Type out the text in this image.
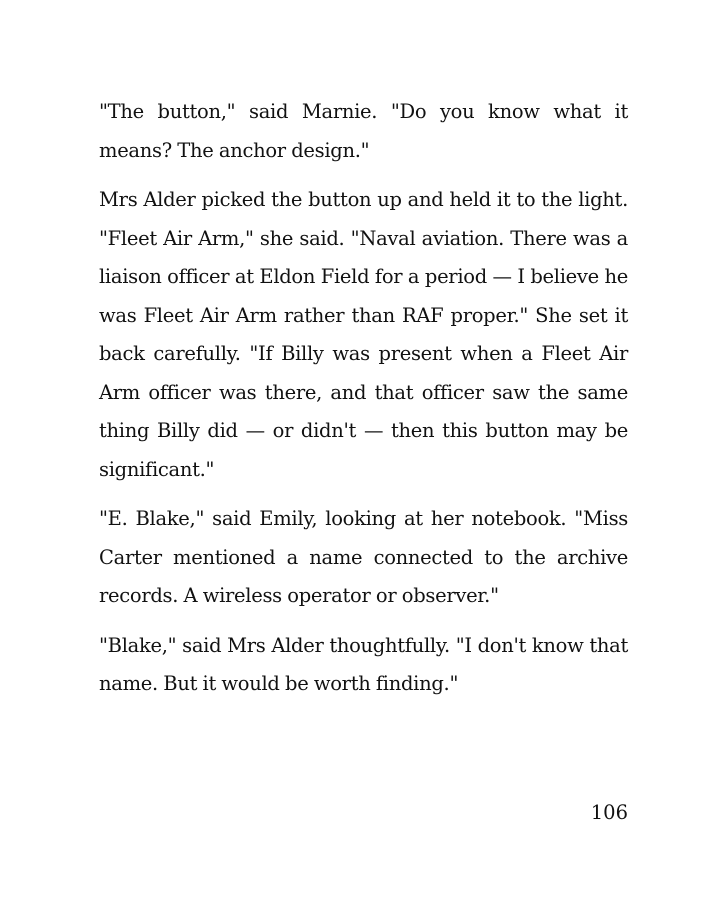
"The button," said Marnie. "Do you know what it means? The anchor design."

Mrs Alder picked the button up and held it to the light. "Fleet Air Arm," she said. "Naval aviation. There was a liaison officer at Eldon Field for a period — I believe he was Fleet Air Arm rather than RAF proper." She set it back carefully. "If Billy was present when a Fleet Air Arm officer was there, and that officer saw the same thing Billy did — or didn't — then this button may be significant."

"E. Blake," said Emily, looking at her notebook. "Miss Carter mentioned a name connected to the archive records. A wireless operator or observer."

"Blake," said Mrs Alder thoughtfully. "I don't know that name. But it would be worth finding."

106
